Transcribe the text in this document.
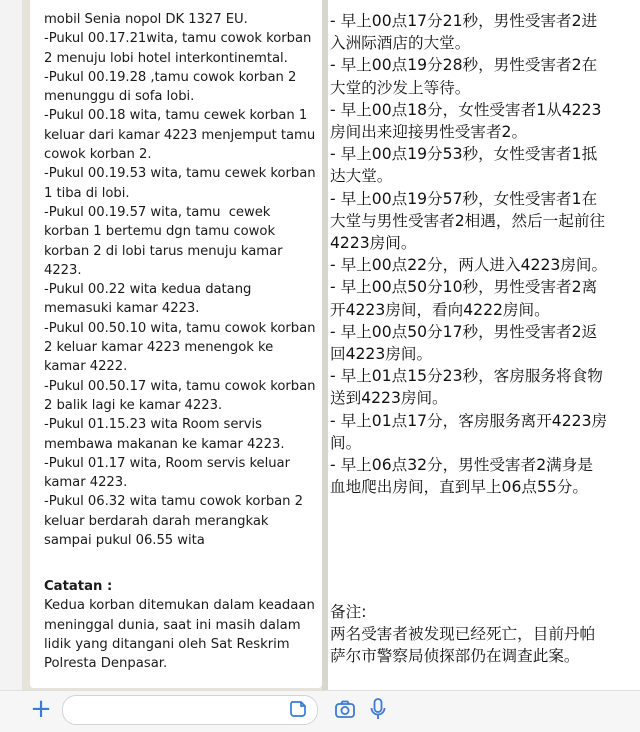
mobil Senia nopol DK 1327 EU.
-Pukul 00.17.21wita, tamu cowok korban 2 menuju lobi hotel interkontinemtal.
-Pukul 00.19.28 ,tamu cowok korban 2 menunggu di sofa lobi.
-Pukul 00.18 wita, tamu cewek korban 1 keluar dari kamar 4223 menjemput tamu cowok korban 2.
-Pukul 00.19.53 wita, tamu cewek korban 1 tiba di lobi.
-Pukul 00.19.57 wita, tamu  cewek korban 1 bertemu dgn tamu cowok korban 2 di lobi tarus menuju kamar 4223.
-Pukul 00.22 wita kedua datang memasuki kamar 4223.
-Pukul 00.50.10 wita, tamu cowok korban 2 keluar kamar 4223 menengok ke kamar 4222.
-Pukul 00.50.17 wita, tamu cowok korban 2 balik lagi ke kamar 4223.
-Pukul 01.15.23 wita Room servis membawa makanan ke kamar 4223.
-Pukul 01.17 wita, Room servis keluar kamar 4223.
-Pukul 06.32 wita tamu cowok korban 2 keluar berdarah darah merangkak sampai pukul 06.55 wita
Catatan :
Kedua korban ditemukan dalam keadaan meninggal dunia, saat ini masih dalam lidik yang ditangani oleh Sat Reskrim Polresta Denpasar.
- 早上00点17分21秒，男性受害者2进入洲际酒店的大堂。
- 早上00点19分28秒，男性受害者2在大堂的沙发上等待。
- 早上00点18分，女性受害者1从4223房间出来迎接男性受害者2。
- 早上00点19分53秒，女性受害者1抵达大堂。
- 早上00点19分57秒，女性受害者1在大堂与男性受害者2相遇，然后一起前往4223房间。
- 早上00点22分，两人进入4223房间。
- 早上00点50分10秒，男性受害者2离开4223房间，看向4222房间。
- 早上00点50分17秒，男性受害者2返回4223房间。
- 早上01点15分23秒，客房服务将食物送到4223房间。
- 早上01点17分，客房服务离开4223房间。
- 早上06点32分，男性受害者2满身是血地爬出房间，直到早上06点55分。
备注:
两名受害者被发现已经死亡，目前丹帕萨尔市警察局侦探部仍在调查此案。
+
